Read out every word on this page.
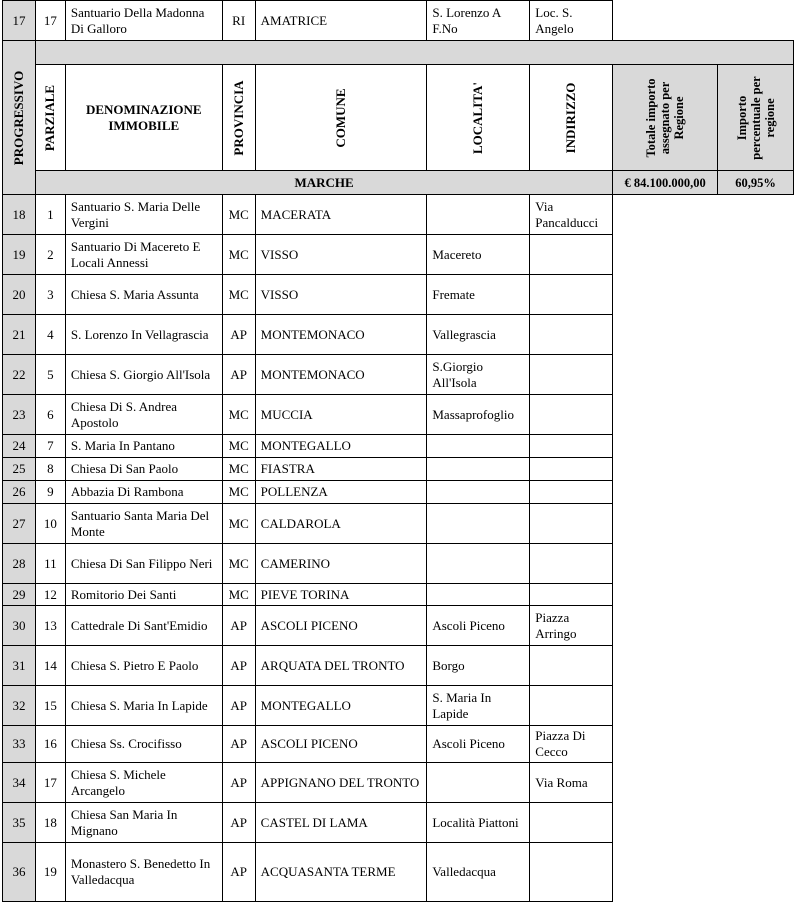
17	17	Santuario Della Madonna Di Galloro	RI	AMATRICE	S. Lorenzo A F.No	Loc. S. Angelo		

PROGRESSIVO								

	PARZIALE	DENOMINAZIONE IMMOBILE	PROVINCIA	COMUNE	LOCALITA'	INDIRIZZO	Totale importo assegnato per Regione	Importo percentuale per regione

	MARCHE						€ 84.100.000,00	60,95%
18	1	Santuario S. Maria Delle Vergini	MC	MACERATA		Via Pancalducci		
19	2	Santuario Di Macereto E Locali Annessi	MC	VISSO	Macereto			
20	3	Chiesa S. Maria Assunta	MC	VISSO	Fremate			
21	4	S. Lorenzo In Vellagrascia	AP	MONTEMONACO	Vallegrascia			
22	5	Chiesa S. Giorgio All'Isola	AP	MONTEMONACO	S.Giorgio All'Isola			
23	6	Chiesa Di S. Andrea Apostolo	MC	MUCCIA	Massaprofoglio			
24	7	S. Maria In Pantano	MC	MONTEGALLO				
25	8	Chiesa Di San Paolo	MC	FIASTRA				
26	9	Abbazia Di Rambona	MC	POLLENZA				
27	10	Santuario Santa Maria Del Monte	MC	CALDAROLA				
28	11	Chiesa Di San Filippo Neri	MC	CAMERINO				
29	12	Romitorio Dei Santi	MC	PIEVE TORINA				
30	13	Cattedrale Di Sant'Emidio	AP	ASCOLI PICENO	Ascoli Piceno	Piazza Arringo		
31	14	Chiesa S. Pietro E Paolo	AP	ARQUATA DEL TRONTO	Borgo			
32	15	Chiesa S. Maria In Lapide	AP	MONTEGALLO	S. Maria In Lapide			
33	16	Chiesa Ss. Crocifisso	AP	ASCOLI PICENO	Ascoli Piceno	Piazza Di Cecco		
34	17	Chiesa S. Michele Arcangelo	AP	APPIGNANO DEL TRONTO		Via Roma		
35	18	Chiesa San Maria In Mignano	AP	CASTEL DI LAMA	Località Piattoni			
36	19	Monastero S. Benedetto In Valledacqua	AP	ACQUASANTA TERME	Valledacqua			
